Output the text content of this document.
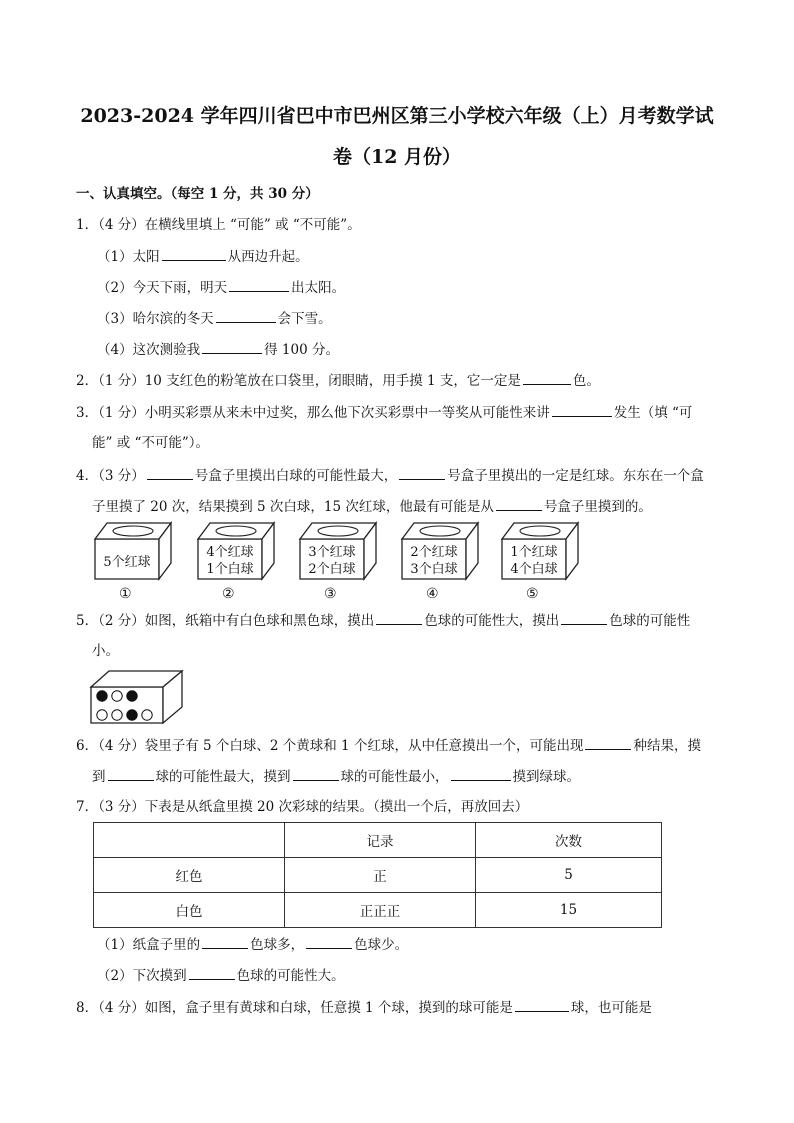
2023-2024 学年四川省巴中市巴州区第三小学校六年级（上）月考数学试
卷（12 月份）
一、认真填空。（每空 1 分，共 30 分）
1．（4 分）在横线里填上 “可能” 或 “不可能”。
（1）太阳	从西边升起。
（2）今天下雨，明天	出太阳。
（3）哈尔滨的冬天	会下雪。
（4）这次测验我	得 100 分。
2．（1 分）10 支红色的粉笔放在口袋里，闭眼睛，用手摸 1 支，它一定是	色。
3．（1 分）小明买彩票从来未中过奖，那么他下次买彩票中一等奖从可能性来讲	发生（填 “可
能” 或 “不可能”）。
4．（3 分）	号盒子里摸出白球的可能性最大，	号盒子里摸出的一定是红球。东东在一个盒
子里摸了 20 次，结果摸到 5 次白球，15 次红球，他最有可能是从	号盒子里摸到的。
5个红球
①
4个红球
1个白球
②
3个红球
2个白球
③
2个红球
3个白球
④
1个红球
4个白球
⑤
5．（2 分）如图，纸箱中有白色球和黑色球，摸出	色球的可能性大，摸出	色球的可能性
小。
6．（4 分）袋里子有 5 个白球、2 个黄球和 1 个红球，从中任意摸出一个，可能出现	种结果，摸
到	球的可能性最大，摸到	球的可能性最小，	摸到绿球。
7．（3 分）下表是从纸盒里摸 20 次彩球的结果。（摸出一个后，再放回去）
	记录	次数
红色	正	5
白色	正正正	15
（1）纸盒子里的	色球多，	色球少。
（2）下次摸到	色球的可能性大。
8．（4 分）如图，盒子里有黄球和白球，任意摸 1 个球，摸到的球可能是	球，也可能是
